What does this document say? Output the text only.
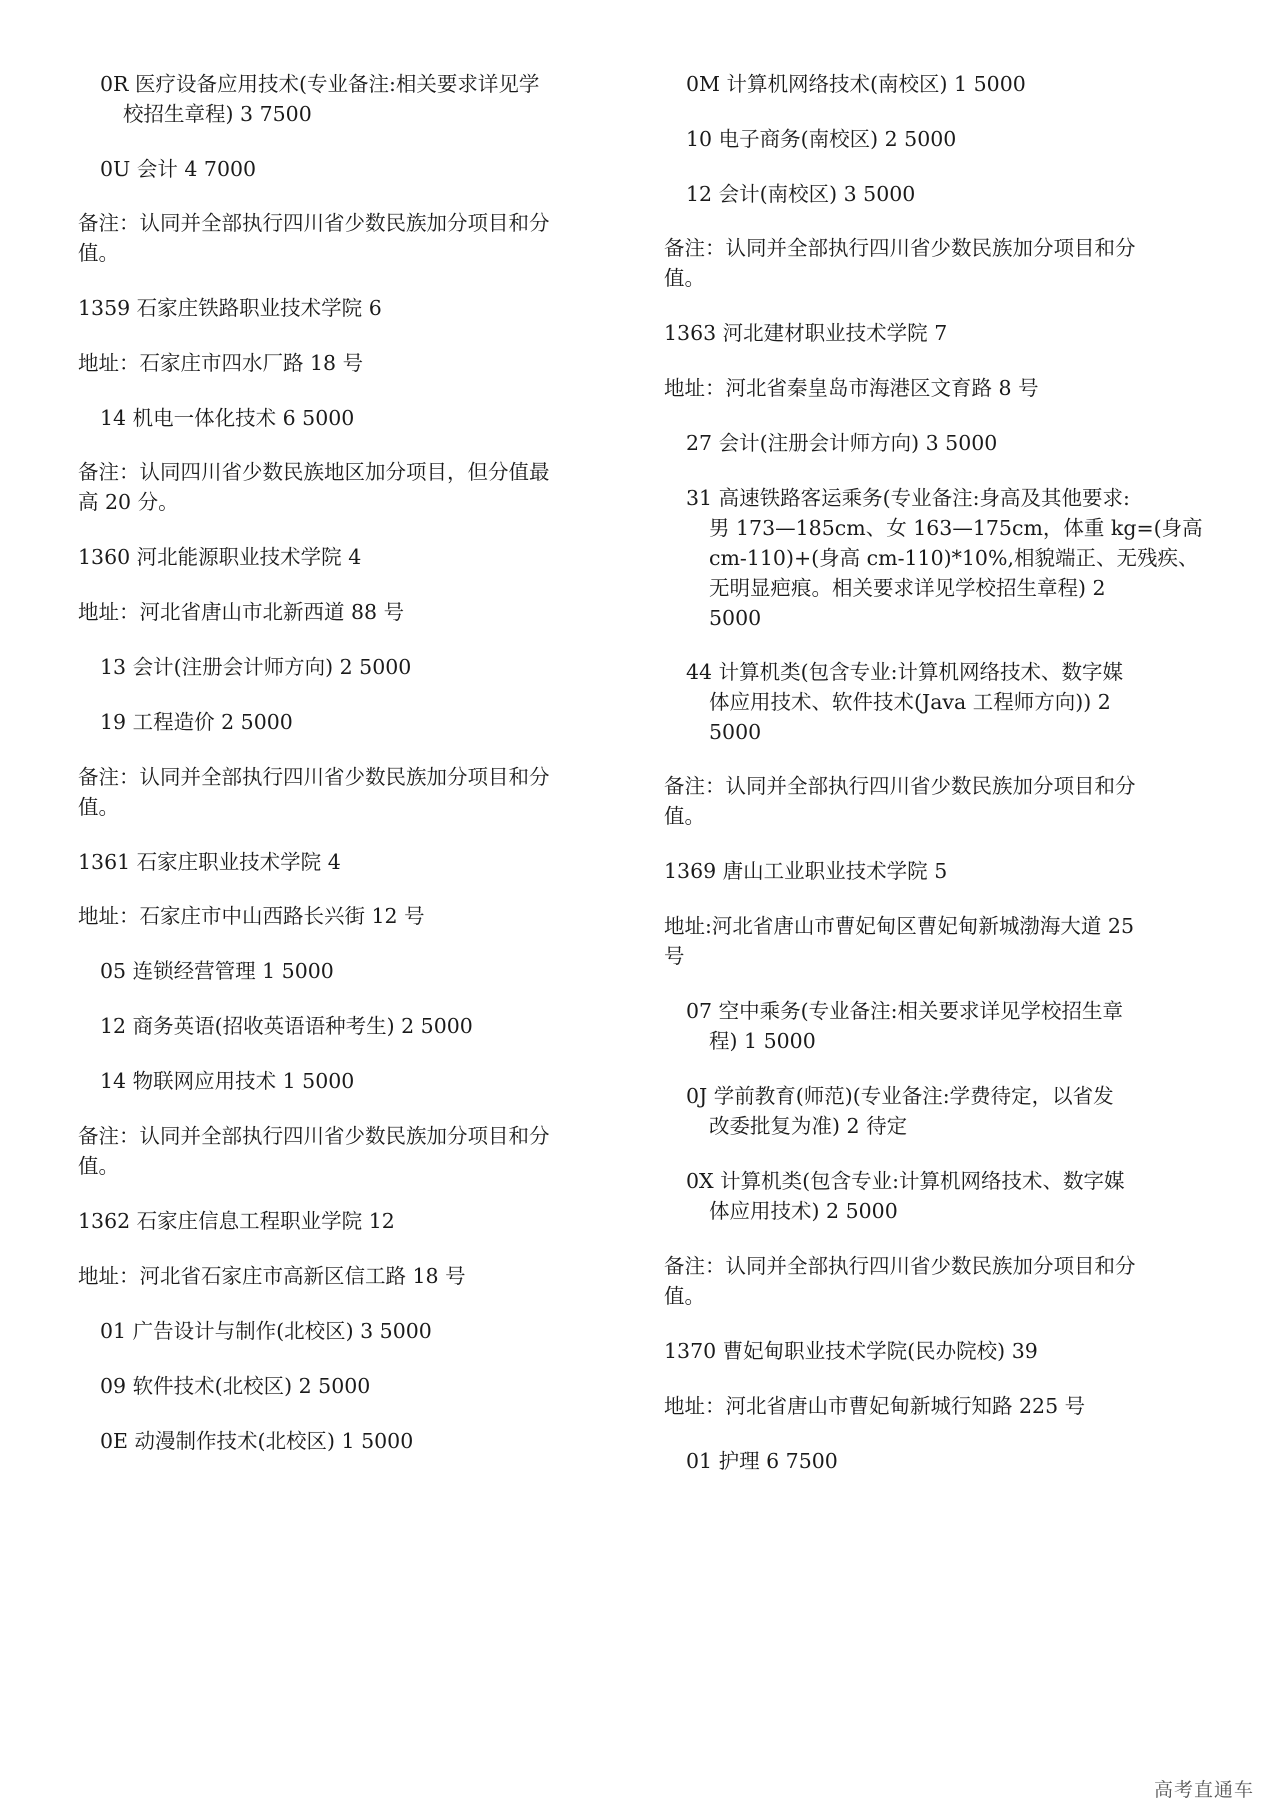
0R 医疗设备应用技术(专业备注:相关要求详见学
校招生章程) 3 7500
0U 会计 4 7000
备注：认同并全部执行四川省少数民族加分项目和分
值。
1359 石家庄铁路职业技术学院 6
地址：石家庄市四水厂路 18 号
14 机电一体化技术 6 5000
备注：认同四川省少数民族地区加分项目，但分值最
高 20 分。
1360 河北能源职业技术学院 4
地址：河北省唐山市北新西道 88 号
13 会计(注册会计师方向) 2 5000
19 工程造价 2 5000
备注：认同并全部执行四川省少数民族加分项目和分
值。
1361 石家庄职业技术学院 4
地址：石家庄市中山西路长兴街 12 号
05 连锁经营管理 1 5000
12 商务英语(招收英语语种考生) 2 5000
14 物联网应用技术 1 5000
备注：认同并全部执行四川省少数民族加分项目和分
值。
1362 石家庄信息工程职业学院 12
地址：河北省石家庄市高新区信工路 18 号
01 广告设计与制作(北校区) 3 5000
09 软件技术(北校区) 2 5000
0E 动漫制作技术(北校区) 1 5000
0M 计算机网络技术(南校区) 1 5000
10 电子商务(南校区) 2 5000
12 会计(南校区) 3 5000
备注：认同并全部执行四川省少数民族加分项目和分
值。
1363 河北建材职业技术学院 7
地址：河北省秦皇岛市海港区文育路 8 号
27 会计(注册会计师方向) 3 5000
31 高速铁路客运乘务(专业备注:身高及其他要求:
男 173—185cm、女 163—175cm，体重 kg=(身高
cm-110)+(身高 cm-110)*10%,相貌端正、无残疾、
无明显疤痕。相关要求详见学校招生章程) 2
5000
44 计算机类(包含专业:计算机网络技术、数字媒
体应用技术、软件技术(Java 工程师方向)) 2
5000
备注：认同并全部执行四川省少数民族加分项目和分
值。
1369 唐山工业职业技术学院 5
地址:河北省唐山市曹妃甸区曹妃甸新城渤海大道 25
号
07 空中乘务(专业备注:相关要求详见学校招生章
程) 1 5000
0J 学前教育(师范)(专业备注:学费待定，以省发
改委批复为准) 2 待定
0X 计算机类(包含专业:计算机网络技术、数字媒
体应用技术) 2 5000
备注：认同并全部执行四川省少数民族加分项目和分
值。
1370 曹妃甸职业技术学院(民办院校) 39
地址：河北省唐山市曹妃甸新城行知路 225 号
01 护理 6 7500
高考直通车
